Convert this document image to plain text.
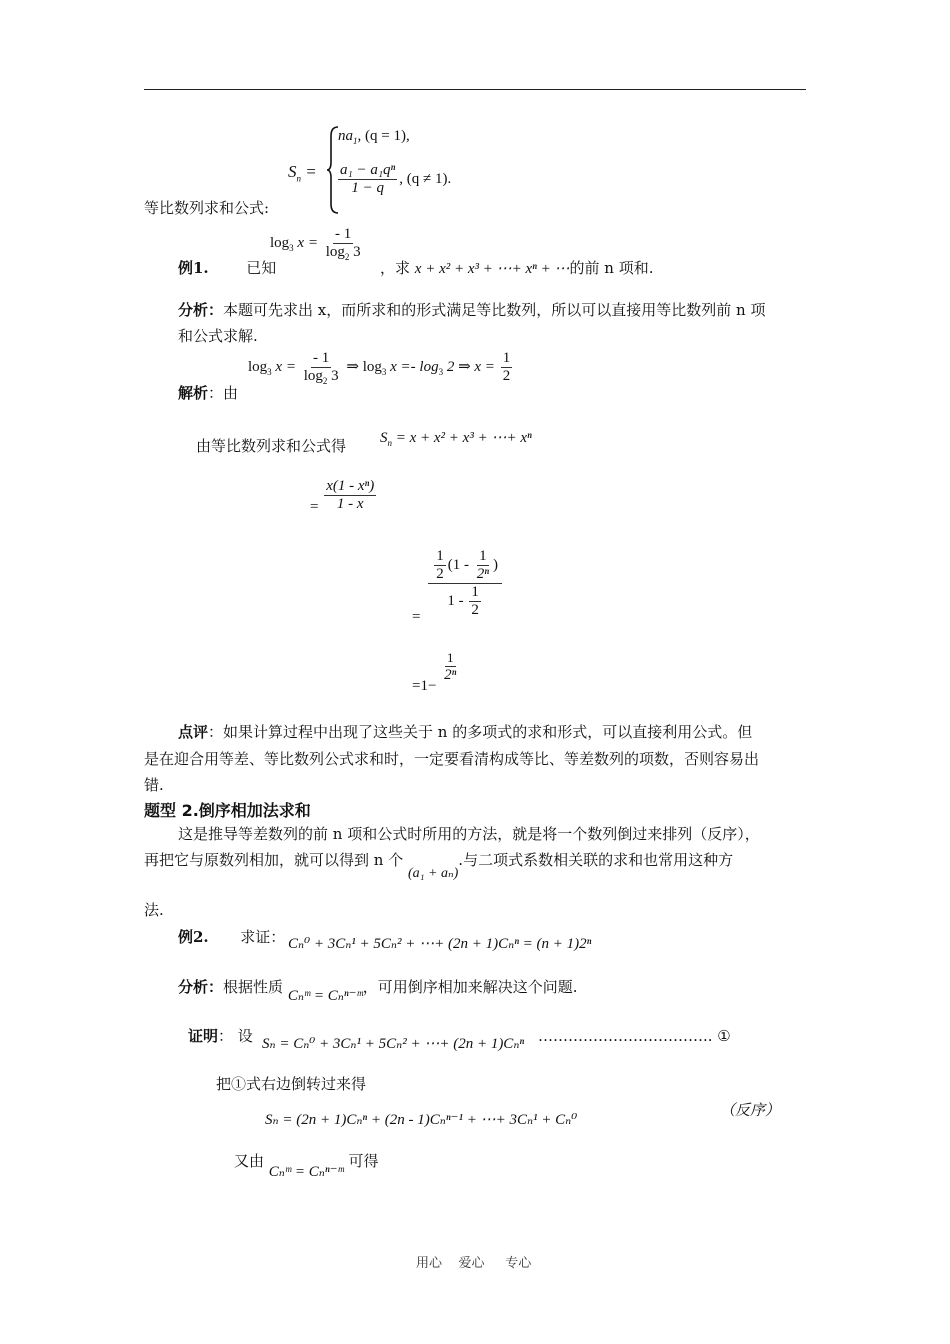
$S_n$ =
$na_1$, (q = 1),
$\frac{\text{a₁ − a₁qⁿ}}{1 - q}$ , (q ≠ 1).
等比数列求和公式:
$\log_3 x = \frac{- 1}{\log_2 3}$
例1.	已知	，求 x + x² + x³ + ⋯+ xⁿ + ⋯的前 n 项和.
分析：本题可先求出 x，而所求和的形式满足等比数列，所以可以直接用等比数列前 n 项
和公式求解.
$\log_3 x = \frac{- 1}{\log_2 3}$ ⇒ $\log_3 x =- \log_3 2$ ⇒ $x = \frac{1}{2}$
解析：由
由等比数列求和公式得 $S_n = x + x^2 + x^3$ + ⋯+ xⁿ
= $\frac{\text{x(1 - xⁿ)}}{1 - x}$
= $\frac{\frac{1}{2} (1 - \frac{1}{\text{2ⁿ}} )}{1 - \frac{1}{2}}$
=1−
$\frac{1}{\text{2ⁿ}}$
点评：如果计算过程中出现了这些关于 n 的多项式的求和形式，可以直接利用公式。但
是在迎合用等差、等比数列公式求和时，一定要看清构成等比、等差数列的项数，否则容易出
错.
题型 2.倒序相加法求和
这是推导等差数列的前 n 项和公式时所用的方法，就是将一个数列倒过来排列（反序），
再把它与原数列相加，就可以得到 n 个 (a₁ + aₙ).与二项式系数相关联的求和也常用这种方
法.
例2. 求证： Cₙ⁰ + 3Cₙ¹ + 5Cₙ² + ⋯+ (2n + 1)Cₙⁿ = (n + 1)2ⁿ
分析：根据性质 Cₙᵐ = Cₙⁿ⁻ᵐ，可用倒序相加来解决这个问题.
证明： 设 Sₙ = Cₙ⁰ + 3Cₙ¹ + 5Cₙ² + ⋯+ (2n + 1)Cₙⁿ …………………………….. ①
把①式右边倒转过来得
Sₙ = (2n + 1)Cₙⁿ + (2n - 1)Cₙⁿ⁻¹ + ⋯+ 3Cₙ¹ + Cₙ⁰
（反序）
又由 Cₙᵐ = Cₙⁿ⁻ᵐ 可得
用心    爱心     专心
